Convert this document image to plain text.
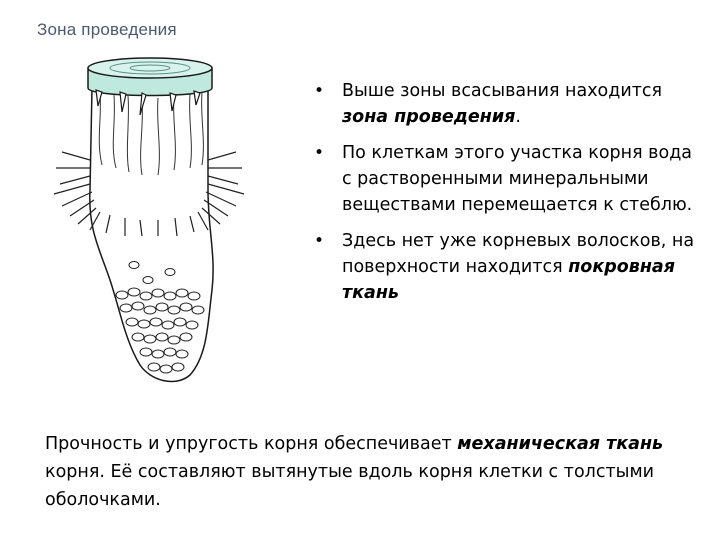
Зона проведения
• Выше зоны всасывания находится зона проведения.
• По клеткам этого участка корня вода с растворенными минеральными веществами перемещается к стеблю.
• Здесь нет уже корневых волосков, на поверхности находится покровная ткань
Прочность и упругость корня обеспечивает механическая ткань корня. Её составляют вытянутые вдоль корня клетки с толстыми оболочками.
